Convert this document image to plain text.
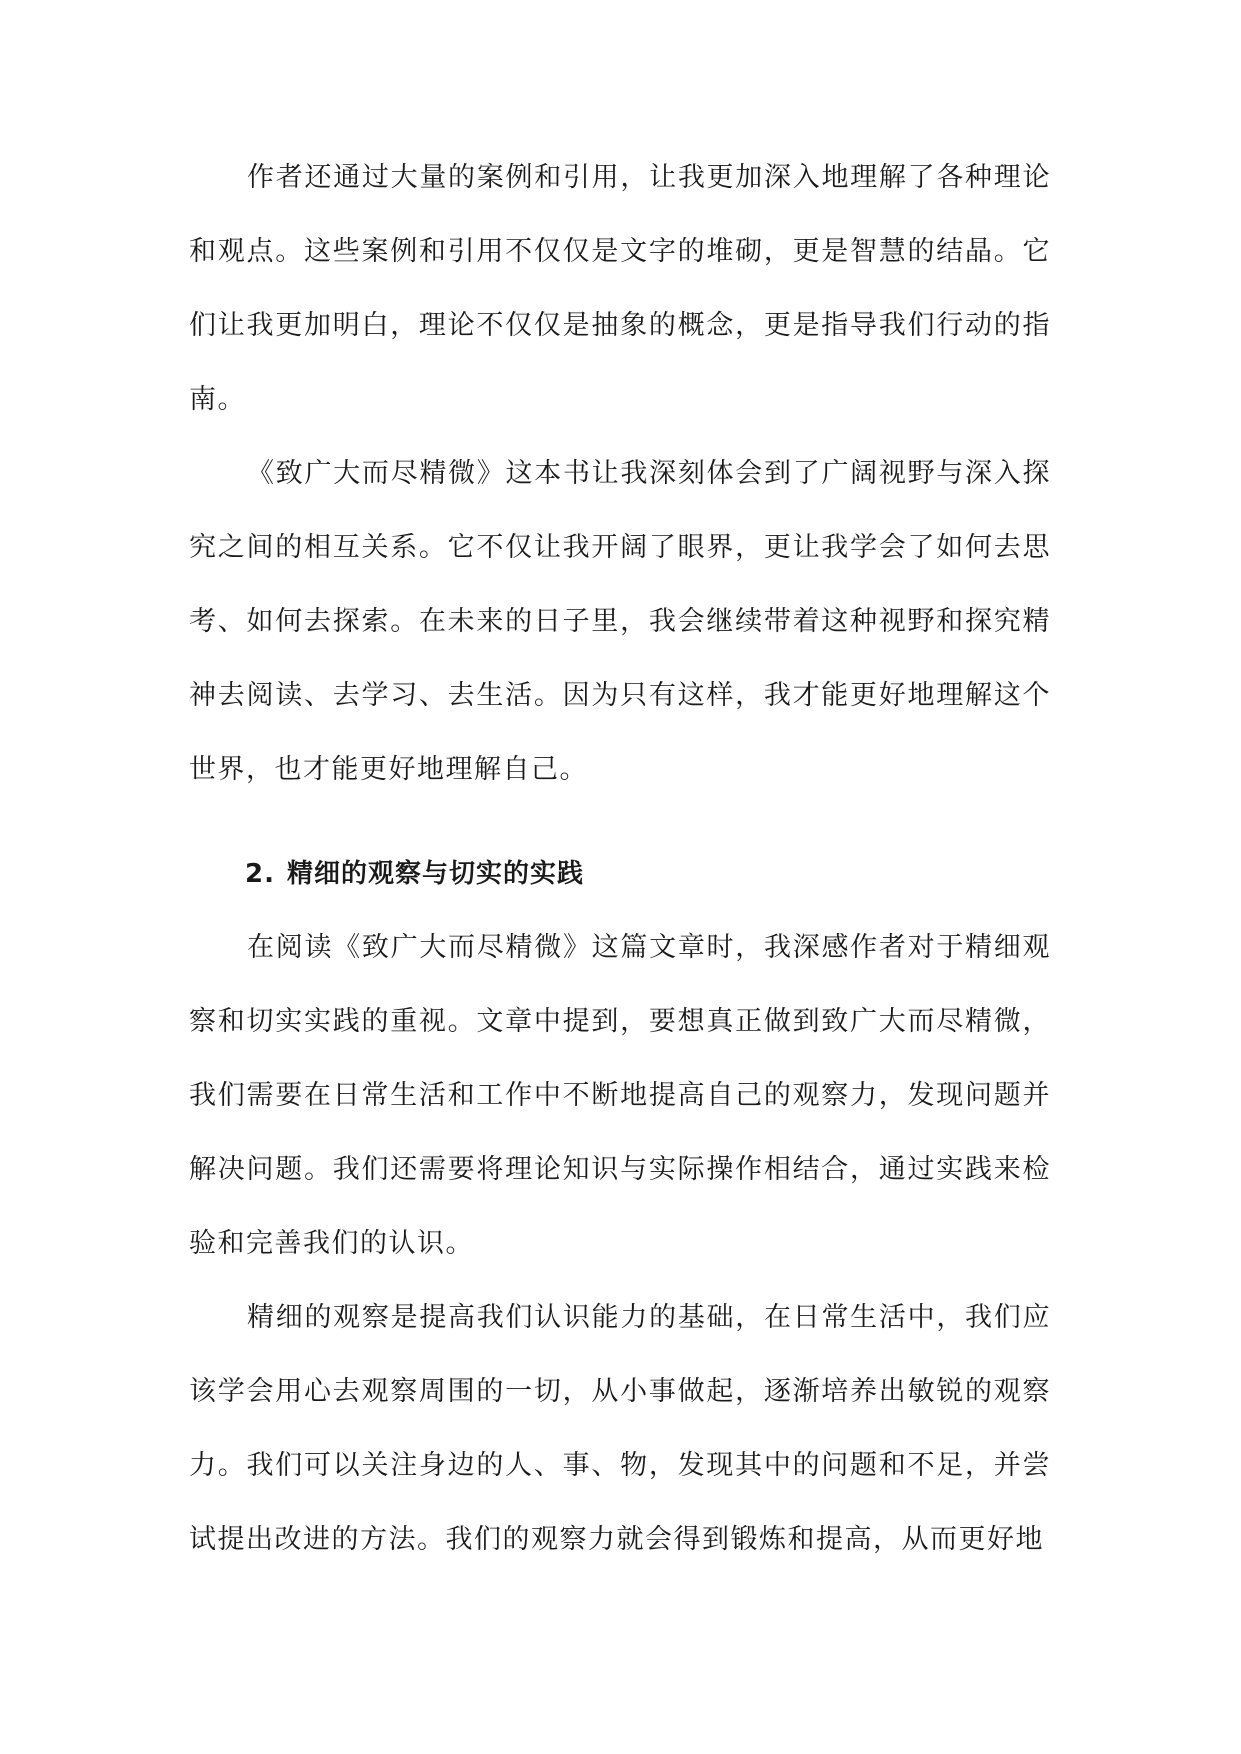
作者还通过大量的案例和引用，让我更加深入地理解了各种理论和观点。这些案例和引用不仅仅是文字的堆砌，更是智慧的结晶。它们让我更加明白，理论不仅仅是抽象的概念，更是指导我们行动的指南。

《致广大而尽精微》这本书让我深刻体会到了广阔视野与深入探究之间的相互关系。它不仅让我开阔了眼界，更让我学会了如何去思考、如何去探索。在未来的日子里，我会继续带着这种视野和探究精神去阅读、去学习、去生活。因为只有这样，我才能更好地理解这个世界，也才能更好地理解自己。

2. 精细的观察与切实的实践

在阅读《致广大而尽精微》这篇文章时，我深感作者对于精细观察和切实实践的重视。文章中提到，要想真正做到致广大而尽精微，我们需要在日常生活和工作中不断地提高自己的观察力，发现问题并解决问题。我们还需要将理论知识与实际操作相结合，通过实践来检验和完善我们的认识。

精细的观察是提高我们认识能力的基础，在日常生活中，我们应该学会用心去观察周围的一切，从小事做起，逐渐培养出敏锐的观察力。我们可以关注身边的人、事、物，发现其中的问题和不足，并尝试提出改进的方法。我们的观察力就会得到锻炼和提高，从而更好地
